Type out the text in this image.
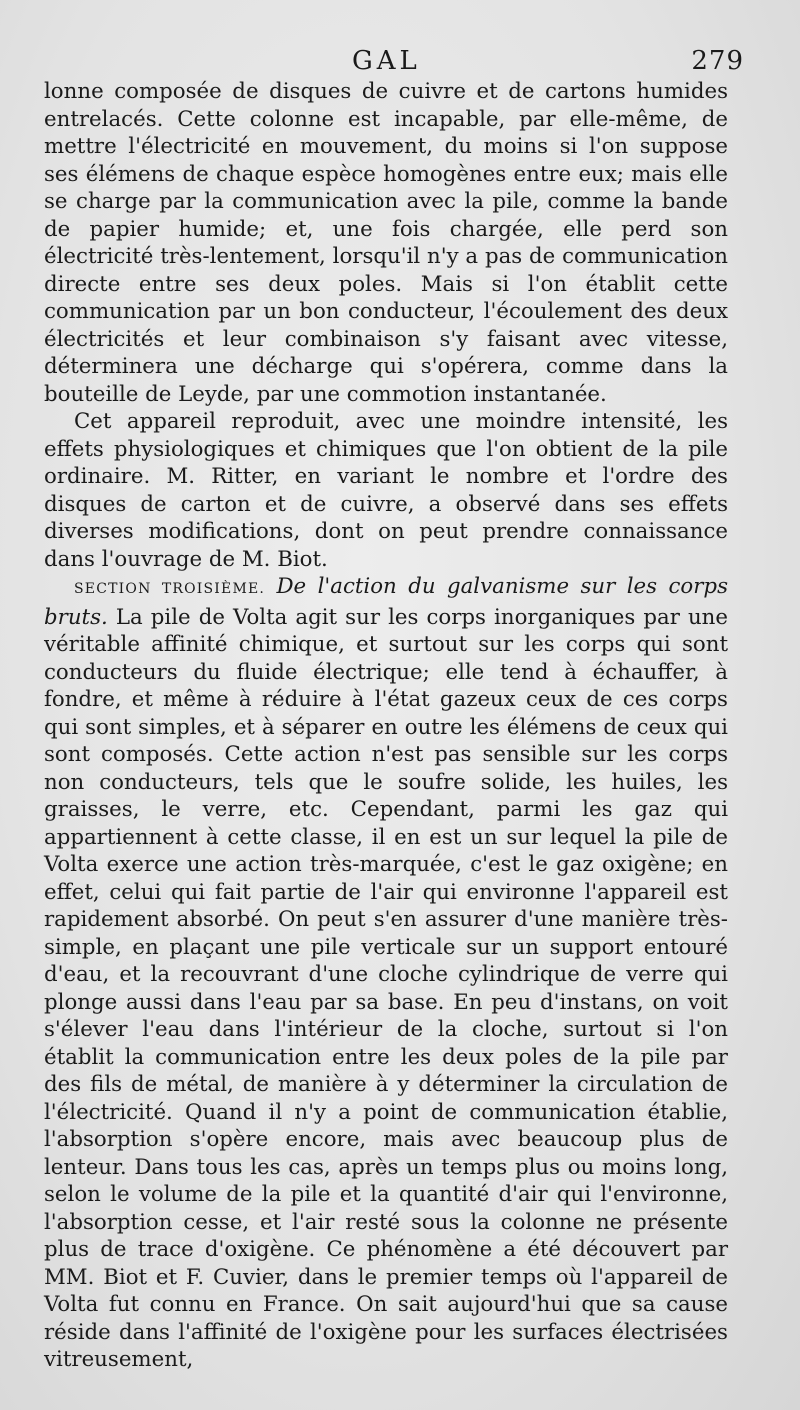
GAL	279

lonne composée de disques de cuivre et de cartons humides entrelacés. Cette colonne est incapable, par elle-même, de mettre l'électricité en mouvement, du moins si l'on suppose ses élémens de chaque espèce homogènes entre eux; mais elle se charge par la communication avec la pile, comme la bande de papier humide; et, une fois chargée, elle perd son électricité très-lentement, lorsqu'il n'y a pas de communication directe entre ses deux poles. Mais si l'on établit cette communication par un bon conducteur, l'écoulement des deux électricités et leur combinaison s'y faisant avec vitesse, déterminera une décharge qui s'opérera, comme dans la bouteille de Leyde, par une commotion instantanée.

Cet appareil reproduit, avec une moindre intensité, les effets physiologiques et chimiques que l'on obtient de la pile ordinaire. M. Ritter, en variant le nombre et l'ordre des disques de carton et de cuivre, a observé dans ses effets diverses modifications, dont on peut prendre connaissance dans l'ouvrage de M. Biot.

SECTION TROISIÈME. De l'action du galvanisme sur les corps bruts. La pile de Volta agit sur les corps inorganiques par une véritable affinité chimique, et surtout sur les corps qui sont conducteurs du fluide électrique; elle tend à échauffer, à fondre, et même à réduire à l'état gazeux ceux de ces corps qui sont simples, et à séparer en outre les élémens de ceux qui sont composés. Cette action n'est pas sensible sur les corps non conducteurs, tels que le soufre solide, les huiles, les graisses, le verre, etc. Cependant, parmi les gaz qui appartiennent à cette classe, il en est un sur lequel la pile de Volta exerce une action très-marquée, c'est le gaz oxigène; en effet, celui qui fait partie de l'air qui environne l'appareil est rapidement absorbé. On peut s'en assurer d'une manière très-simple, en plaçant une pile verticale sur un support entouré d'eau, et la recouvrant d'une cloche cylindrique de verre qui plonge aussi dans l'eau par sa base. En peu d'instans, on voit s'élever l'eau dans l'intérieur de la cloche, surtout si l'on établit la communication entre les deux poles de la pile par des fils de métal, de manière à y déterminer la circulation de l'électricité. Quand il n'y a point de communication établie, l'absorption s'opère encore, mais avec beaucoup plus de lenteur. Dans tous les cas, après un temps plus ou moins long, selon le volume de la pile et la quantité d'air qui l'environne, l'absorption cesse, et l'air resté sous la colonne ne présente plus de trace d'oxigène. Ce phénomène a été découvert par MM. Biot et F. Cuvier, dans le premier temps où l'appareil de Volta fut connu en France. On sait aujourd'hui que sa cause réside dans l'affinité de l'oxigène pour les surfaces électrisées vitreusement,
